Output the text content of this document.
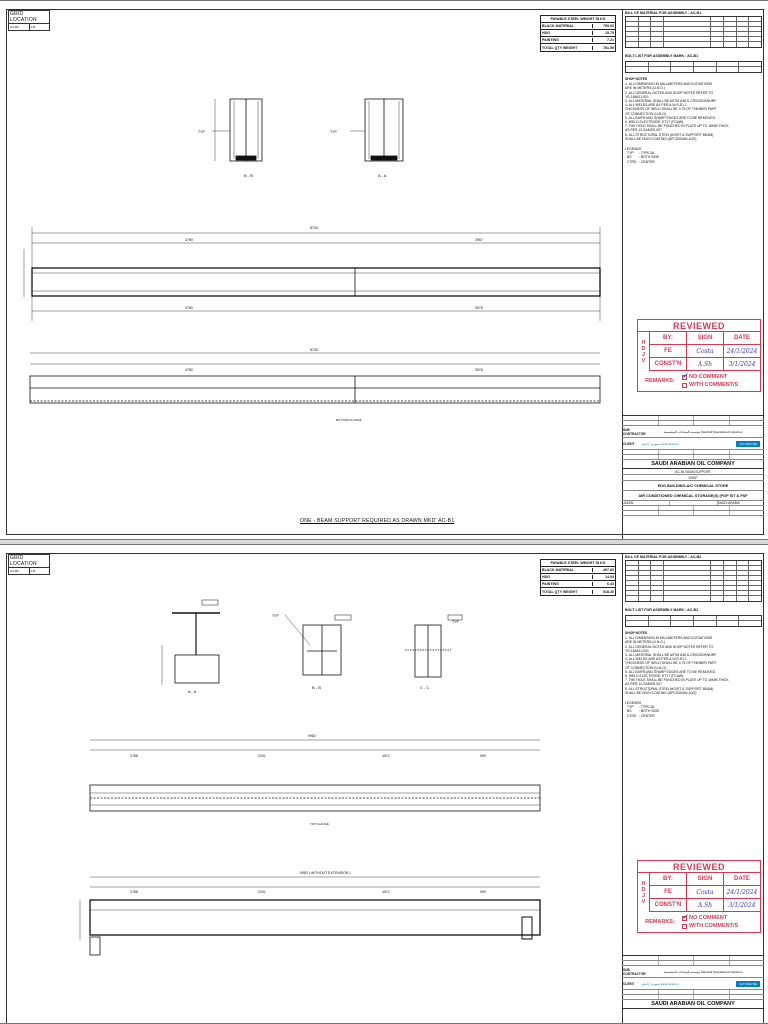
GRID LOCATION
AC-B1	1-B
PAYABLE STEEL WEIGHT IN KG
BLACK MATERIAL	759.53
HDG	15.75
PAINTING	7.21
TOTAL QTY WEIGHT	781.59
B - B	A - A
TYP	TYP
8730
4769	3957
4780	3976
8730
4780	3976
BOTTOM FLANGE
ONE - BEAM SUPPORT REQUIRED AS DRAWN MKD' AC-B1
BILL OF MATERIAL FOR ASSEMBLY : AC-B1
BOLT LIST FOR ASSEMBLY MARK : AC-B1
SHOP NOTES
1. ALL DIMENSION IN MILLIMETERS AND ELEVATIONS
ARE IN METERS.(U.N.O.)
2. ALL GENERAL NOTES AND SHOP NOTES REFER TO
YR-184621-001
3. ALL MATERIAL SHALL BE ASTM A36 & CR/GOD/KNURF.
4. ALL WELDS ARE AS PER A.W.S-D1.1
THICKNESS OF WELD SHALL BE 0.75 OF THINNER PART
OF CONNECTION (U.N.O).
5. ALL BURR AND SHARP EDGES ARE TO BE REMOVED.
6. WELD ELECTRODE: E71T (FCAW).
7. THE HOLE SHALL BE PUNCHED IN PLATE UP TO 16MM THICK
AS PER 12-SAMSS-007
8. ALL STRUCTURAL STEEL(HOIST & SUPPORT BEAM)
SHALL BE HDG+COATING (APCS30/AN-10/2).
LEGENDS
TYP	: TYPICAL
BS	: BOTH SIDE
CTRD : CENTER
REVIEWED
H
D
J
V
BY:	SIGN	DATE
FE	Costa	24/1/2024
CONST'N	A.Sh	3/1/2024
REMARKS:
✓
NO COMMENT
WITH COMMENT/S
SUB CONTRACTOR	مؤسسة الصناعات المتخصصة Marshall Specialized Industries
CLIENT	سعودي أرامكو saudi aramco	ALTUNAYRE
SAUDI ARABIAN OIL COMPANY
AC-B1 BEAM SUPPORT
SHOP
EDG BUILDING-A/C CHEMICAL STORE
AIR CONDITIONED CHEMICAL STORAGE(S) (FGP IST & FSF
JAZAN	SAUDI ARABIA
GRID LOCATION
AC-B2	1-B
PAYABLE STEEL WEIGHT IN KG
BLACK MATERIAL	497.83
HDG	14.04
PAINTING	6.43
TOTAL QTY WEIGHT	518.30
A - A
B - B	C - C
TYP
TYP
9982
1788	2241	4971	999
TOP FLANGE
9982 ( WITHOUT EXTENSION )
1788	2241	4971	999
BILL OF MATERIAL FOR ASSEMBLY : AC-B2
BOLT LIST FOR ASSEMBLY MARK : AC-B2
SHOP NOTES
1. ALL DIMENSION IN MILLIMETERS AND ELEVATIONS
ARE IN METERS.(U.N.O.)
2. ALL GENERAL NOTES AND SHOP NOTES REFER TO
YR-184621-001
3. ALL MATERIAL SHALL BE ASTM A36 & CR/GOD/KNURF.
4. ALL WELDS ARE AS PER A.W.S-D1.1
THICKNESS OF WELD SHALL BE 0.75 OF THINNER PART
OF CONNECTION (U.N.O).
5. ALL BURR AND SHARP EDGES ARE TO BE REMOVED.
6. WELD ELECTRODE: E71T (FCAW).
7. THE HOLE SHALL BE PUNCHED IN PLATE UP TO 16MM THICK
AS PER 12-SAMSS-007
8. ALL STRUCTURAL STEEL(HOIST & SUPPORT BEAM)
SHALL BE HDG+COATING (APCS30/AN-10/2).
LEGENDS
TYP	: TYPICAL
BS	: BOTH SIDE
CTRD : CENTER
REVIEWED
H
D
J
V
BY:	SIGN	DATE
FE	Costa	24/1/2024
CONST'N	A.Sh	3/1/2024
REMARKS:
✓
NO COMMENT
WITH COMMENT/S
SUB CONTRACTOR	مؤسسة الصناعات المتخصصة Marshall Specialized Industries
CLIENT	سعودي أرامكو saudi aramco	ALTUNAYRE
SAUDI ARABIAN OIL COMPANY
